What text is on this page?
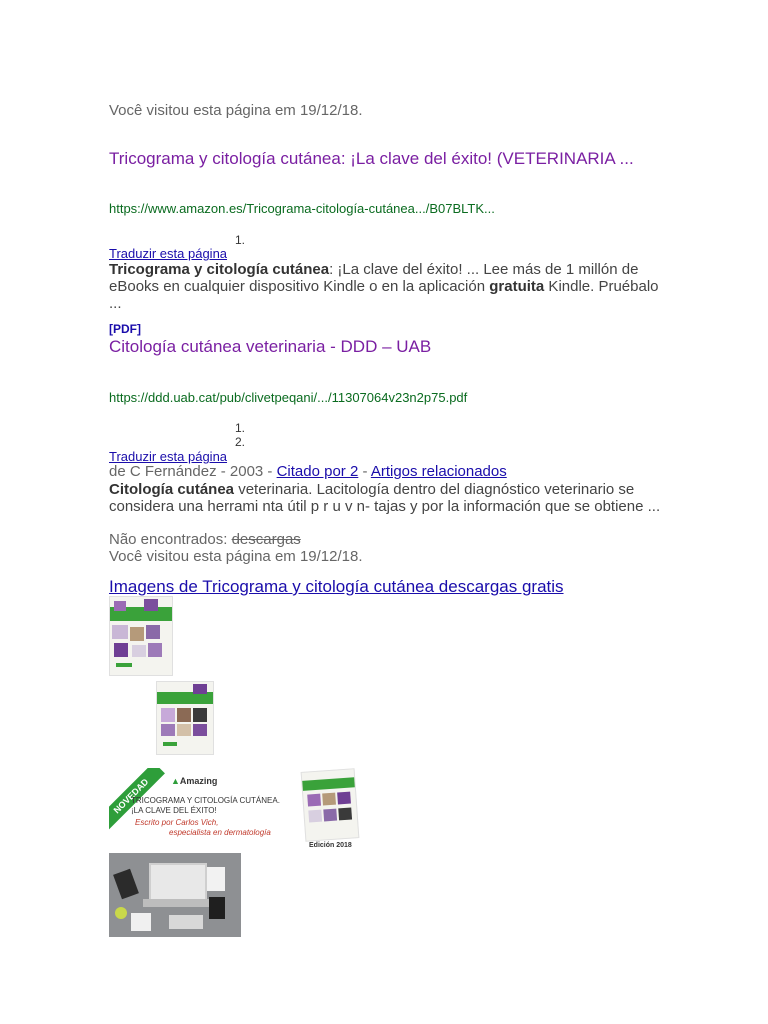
Você visitou esta página em 19/12/18.
Tricograma y citología cutánea: ¡La clave del éxito! (VETERINARIA ...
https://www.amazon.es/Tricograma-citología-cutánea.../B07BLTK...
1.
Traduzir esta página
Tricograma y citología cutánea: ¡La clave del éxito! ... Lee más de 1 millón de eBooks en cualquier dispositivo Kindle o en la aplicación gratuita Kindle. Pruébalo ...
[PDF]
Citología cutánea veterinaria - DDD – UAB
https://ddd.uab.cat/pub/clivetpeqani/.../11307064v23n2p75.pdf
1.
2.
Traduzir esta página
de C Fernández - 2003 - Citado por 2 - Artigos relacionados
Citología cutánea veterinaria. Lacitología dentro del diagnóstico veterinario se considera una herrami nta útil p r u v n- tajas y por la información que se obtiene ...
Não encontrados: descargas
Você visitou esta página em 19/12/18.
Imagens de Tricograma y citología cutánea descargas gratis
NOVEDAD	▲Amazing
TRICOGRAMA Y CITOLOGÍA CUTÁNEA.
¡LA CLAVE DEL ÉXITO!
Escrito por Carlos Vich,
especialista en dermatología
Edición 2018
